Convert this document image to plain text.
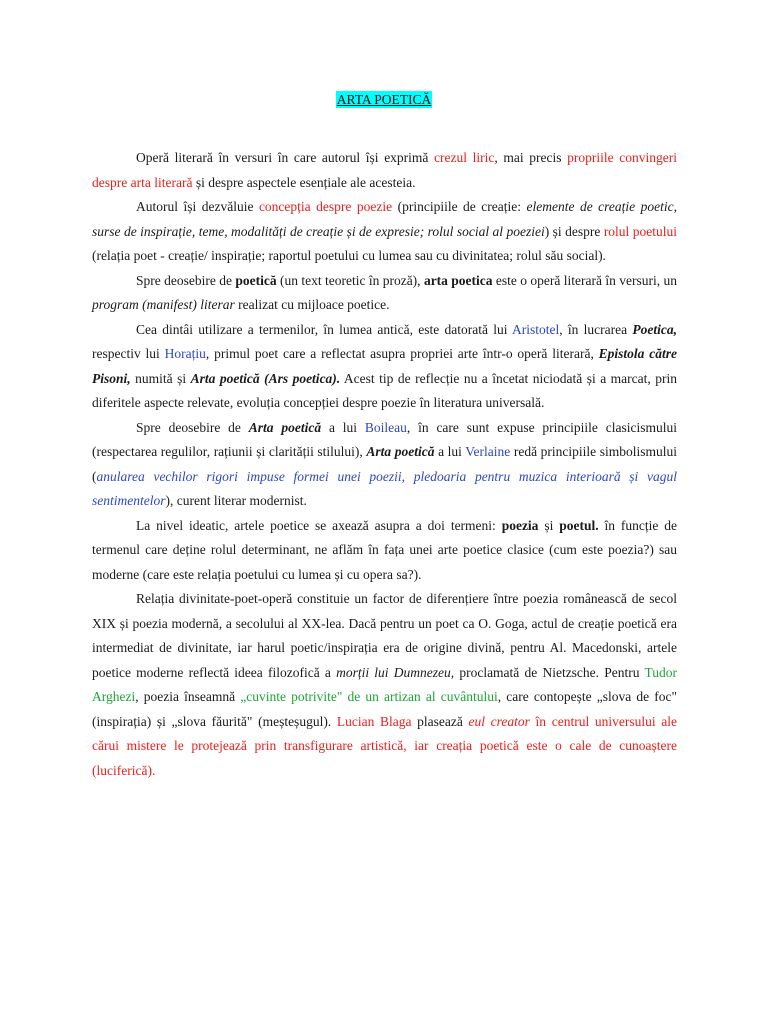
ARTA POETICĂ

Operă literară în versuri în care autorul își exprimă crezul liric, mai precis propriile convingeri despre arta literară și despre aspectele esențiale ale acesteia.

Autorul își dezvăluie concepția despre poezie (principiile de creație: elemente de creație poetic, surse de inspirație, teme, modalități de creație și de expresie; rolul social al poeziei) și despre rolul poetului (relația poet - creație/ inspirație; raportul poetului cu lumea sau cu divinitatea; rolul său social).

Spre deosebire de poetică (un text teoretic în proză), arta poetica este o operă literară în versuri, un program (manifest) literar realizat cu mijloace poetice.

Cea dintâi utilizare a termenilor, în lumea antică, este datorată lui Aristotel, în lucrarea Poetica, respectiv lui Horațiu, primul poet care a reflectat asupra propriei arte într-o operă literară, Epistola către Pisoni, numită și Arta poetică (Ars poetica). Acest tip de reflecție nu a încetat niciodată și a marcat, prin diferitele aspecte relevate, evoluția concepției despre poezie în literatura universală.

Spre deosebire de Arta poetică a lui Boileau, în care sunt expuse principiile clasicismului (respectarea regulilor, rațiunii și clarității stilului), Arta poetică a lui Verlaine redă principiile simbolismului (anularea vechilor rigori impuse formei unei poezii, pledoaria pentru muzica interioară și vagul sentimentelor), curent literar modernist.

La nivel ideatic, artele poetice se axează asupra a doi termeni: poezia și poetul. în funcție de termenul care deține rolul determinant, ne aflăm în fața unei arte poetice clasice (cum este poezia?) sau moderne (care este relația poetului cu lumea și cu opera sa?).

Relația divinitate-poet-operă constituie un factor de diferențiere între poezia românească de secol XIX și poezia modernă, a secolului al XX-lea. Dacă pentru un poet ca O. Goga, actul de creație poetică era intermediat de divinitate, iar harul poetic/inspirația era de origine divină, pentru Al. Macedonski, artele poetice moderne reflectă ideea filozofică a morții lui Dumnezeu, proclamată de Nietzsche. Pentru Tudor Arghezi, poezia înseamnă „cuvinte potrivite" de un artizan al cuvântului, care contopește „slova de foc" (inspirația) și „slova făurită" (meșteșugul). Lucian Blaga plasează eul creator în centrul universului ale cărui mistere le protejează prin transfigurare artistică, iar creația poetică este o cale de cunoaștere (luciferică).
